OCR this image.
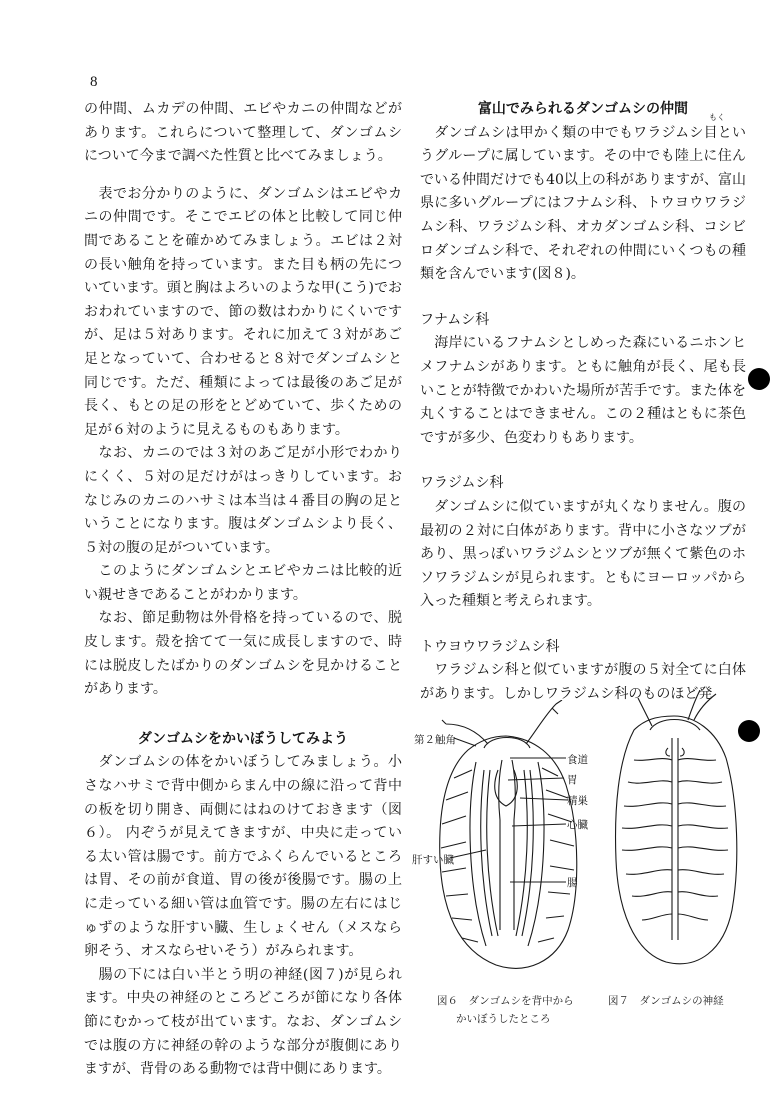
8

の仲間、ムカデの仲間、エビやカニの仲間などがあります。これらについて整理して、ダンゴムシについて今まで調べた性質と比べてみましょう。

　表でお分かりのように、ダンゴムシはエビやカニの仲間です。そこでエビの体と比較して同じ仲間であることを確かめてみましょう。エビは２対の長い触角を持っています。また目も柄の先についています。頭と胸はよろいのような甲(こう)でおおわれていますので、節の数はわかりにくいですが、足は５対あります。それに加えて３対があご足となっていて、合わせると８対でダンゴムシと同じです。ただ、種類によっては最後のあご足が長く、もとの足の形をとどめていて、歩くための足が６対のように見えるものもあります。

　なお、カニのでは３対のあご足が小形でわかりにくく、５対の足だけがはっきりしています。おなじみのカニのハサミは本当は４番目の胸の足ということになります。腹はダンゴムシより長く、５対の腹の足がついています。

　このようにダンゴムシとエビやカニは比較的近い親せきであることがわかります。

　なお、節足動物は外骨格を持っているので、脱皮します。殻を捨てて一気に成長しますので、時には脱皮したばかりのダンゴムシを見かけることがあります。

ダンゴムシをかいぼうしてみよう

　ダンゴムシの体をかいぼうしてみましょう。小さなハサミで背中側からまん中の線に沿って背中の板を切り開き、両側にはねのけておきます（図６）。 内ぞうが見えてきますが、中央に走っている太い管は腸です。前方でふくらんでいるところは胃、その前が食道、胃の後が後腸です。腸の上に走っている細い管は血管です。腸の左右にはじゅずのような肝すい臓、生しょくせん（メスなら卵そう、オスならせいそう）がみられます。

　腸の下には白い半とう明の神経(図７)が見られます。中央の神経のところどころが節になり各体節にむかって枝が出ています。なお、ダンゴムシでは腹の方に神経の幹のような部分が腹側にありますが、背骨のある動物では背中側にあります。

富山でみられるダンゴムシの仲間

　ダンゴムシは甲かく類の中でもワラジムシ目というグループに属しています。その中でも陸上に住んでいる仲間だけでも40以上の科がありますが、富山県に多いグループにはフナムシ科、トウヨウワラジムシ科、ワラジムシ科、オカダンゴムシ科、コシビロダンゴムシ科で、それぞれの仲間にいくつもの種類を含んでいます(図８)。

フナムシ科

　海岸にいるフナムシとしめった森にいるニホンヒメフナムシがあります。ともに触角が長く、尾も長いことが特徴でかわいた場所が苦手です。また体を丸くすることはできません。この２種はともに茶色ですが多少、色変わりもあります。

ワラジムシ科

　ダンゴムシに似ていますが丸くなりません。腹の最初の２対に白体があります。背中に小さなツブがあり、黒っぽいワラジムシとツブが無くて紫色のホソワラジムシが見られます。ともにヨーロッパから入った種類と考えられます。

トウヨウワラジムシ科

　ワラジムシ科と似ていますが腹の５対全てに白体があります。しかしワラジムシ科のものほど発

もく
第２触角
食道
胃
精巣
心臓
肝すい臓
腸
図６　ダンゴムシを背中から
かいぼうしたところ
図７　ダンゴムシの神経
